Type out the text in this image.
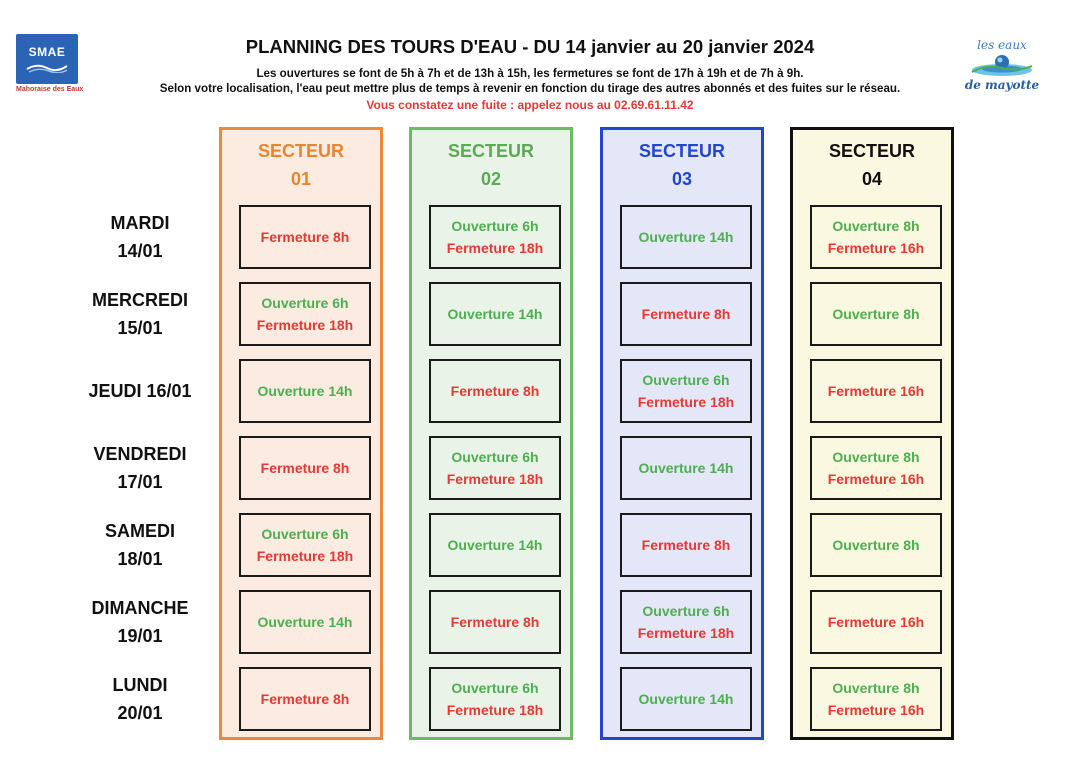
SMAE
Mahoraise des Eaux
les eaux
de mayotte
PLANNING DES TOURS D'EAU - DU 14 janvier au 20 janvier 2024
Les ouvertures se font de 5h à 7h et de 13h à 15h, les fermetures se font de 17h à 19h et de 7h à 9h.
Selon votre localisation, l'eau peut mettre plus de temps à revenir en fonction du tirage des autres abonnés et des fuites sur le réseau.
Vous constatez une fuite : appelez nous au 02.69.61.11.42
MARDI
14/01
MERCREDI
15/01
JEUDI 16/01
VENDREDI
17/01
SAMEDI
18/01
DIMANCHE
19/01
LUNDI
20/01
SECTEUR
01
Fermeture 8h
Ouverture 6h
Fermeture 18h
Ouverture 14h
Fermeture 8h
Ouverture 6h
Fermeture 18h
Ouverture 14h
Fermeture 8h
SECTEUR
02
Ouverture 6h
Fermeture 18h
Ouverture 14h
Fermeture 8h
Ouverture 6h
Fermeture 18h
Ouverture 14h
Fermeture 8h
Ouverture 6h
Fermeture 18h
SECTEUR
03
Ouverture 14h
Fermeture 8h
Ouverture 6h
Fermeture 18h
Ouverture 14h
Fermeture 8h
Ouverture 6h
Fermeture 18h
Ouverture 14h
SECTEUR
04
Ouverture 8h
Fermeture 16h
Ouverture 8h
Fermeture 16h
Ouverture 8h
Fermeture 16h
Ouverture 8h
Fermeture 16h
Ouverture 8h
Fermeture 16h
